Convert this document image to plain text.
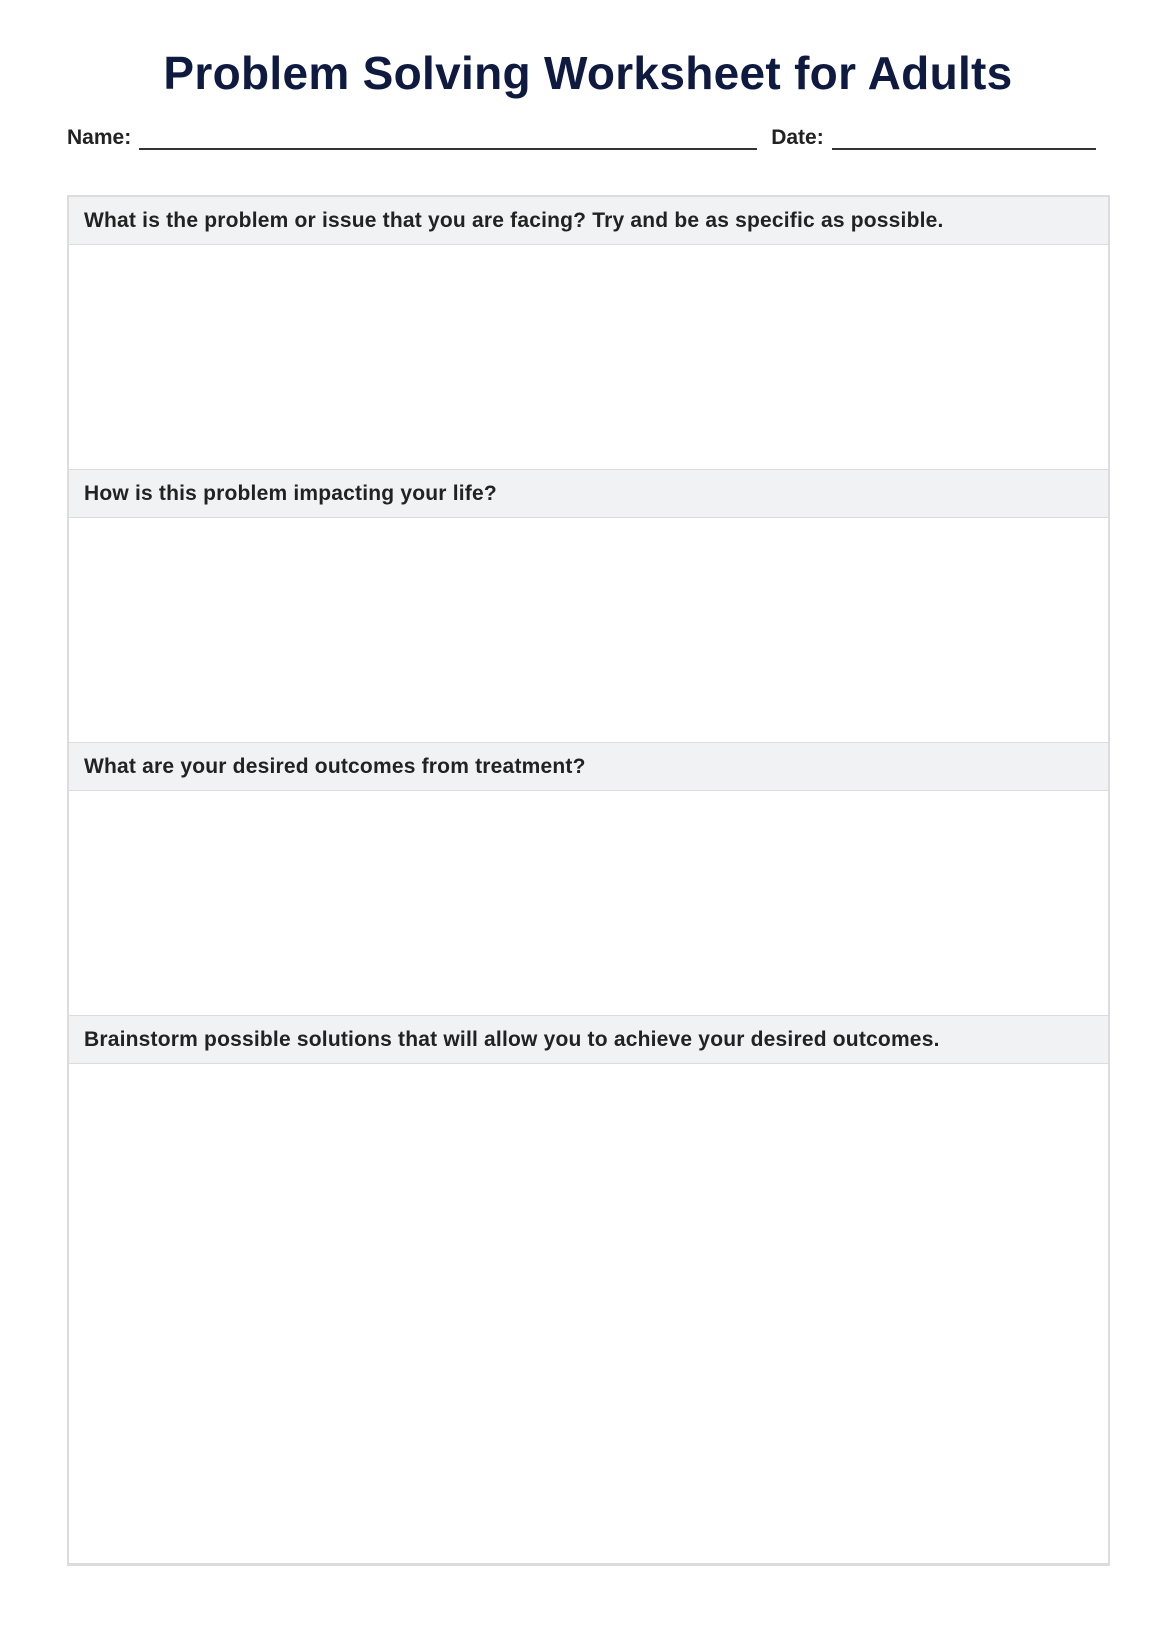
Problem Solving Worksheet for Adults
Name:	Date:
What is the problem or issue that you are facing? Try and be as specific as possible.
How is this problem impacting your life?
What are your desired outcomes from treatment?
Brainstorm possible solutions that will allow you to achieve your desired outcomes.
